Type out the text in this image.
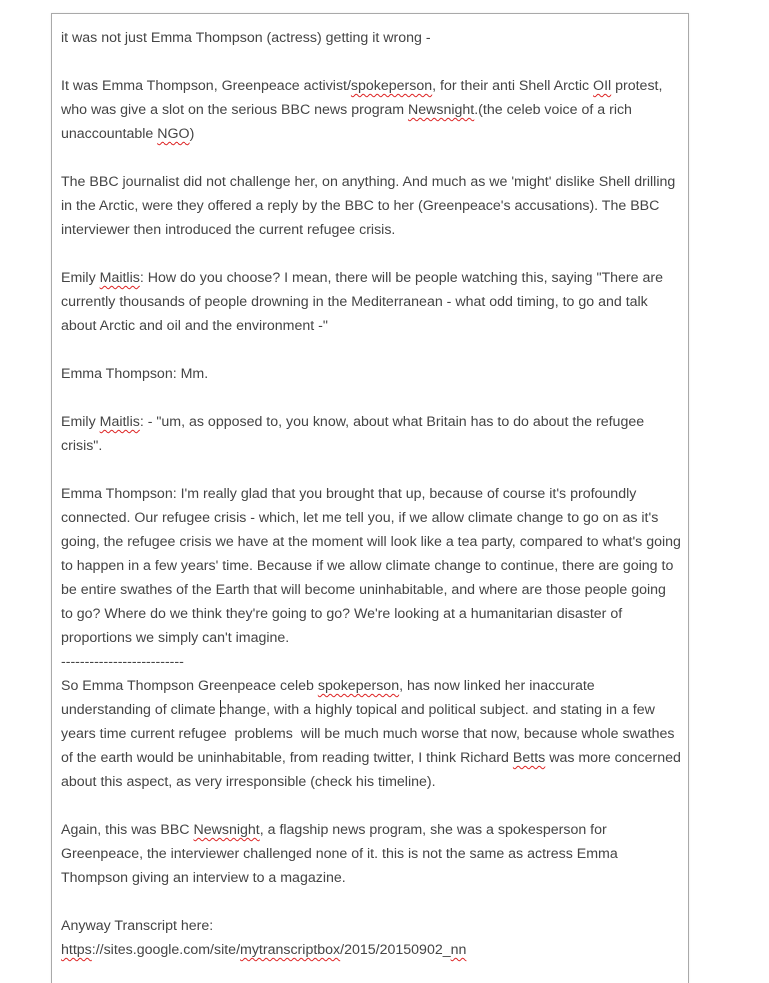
it was not just Emma Thompson (actress) getting it wrong -
It was Emma Thompson, Greenpeace activist/spokeperson, for their anti Shell Arctic OIl protest, who was give a slot on the serious BBC news program Newsnight.(the celeb voice of a rich unaccountable NGO)
The BBC journalist did not challenge her, on anything. And much as we 'might' dislike Shell drilling in the Arctic, were they offered a reply by the BBC to her (Greenpeace's accusations). The BBC interviewer then introduced the current refugee crisis.
Emily Maitlis: How do you choose? I mean, there will be people watching this, saying "There are currently thousands of people drowning in the Mediterranean - what odd timing, to go and talk about Arctic and oil and the environment -"
Emma Thompson: Mm.
Emily Maitlis: - "um, as opposed to, you know, about what Britain has to do about the refugee crisis".
Emma Thompson: I'm really glad that you brought that up, because of course it's profoundly connected. Our refugee crisis - which, let me tell you, if we allow climate change to go on as it's going, the refugee crisis we have at the moment will look like a tea party, compared to what's going to happen in a few years' time. Because if we allow climate change to continue, there are going to be entire swathes of the Earth that will become uninhabitable, and where are those people going to go? Where do we think they're going to go? We're looking at a humanitarian disaster of proportions we simply can't imagine.
--------------------------
So Emma Thompson Greenpeace celeb spokeperson, has now linked her inaccurate understanding of climate change, with a highly topical and political subject. and stating in a few years time current refugee  problems  will be much much worse that now, because whole swathes of the earth would be uninhabitable, from reading twitter, I think Richard Betts was more concerned about this aspect, as very irresponsible (check his timeline).
Again, this was BBC Newsnight, a flagship news program, she was a spokesperson for Greenpeace, the interviewer challenged none of it. this is not the same as actress Emma Thompson giving an interview to a magazine.
Anyway Transcript here:
https://sites.google.com/site/mytranscriptbox/2015/20150902_nn
